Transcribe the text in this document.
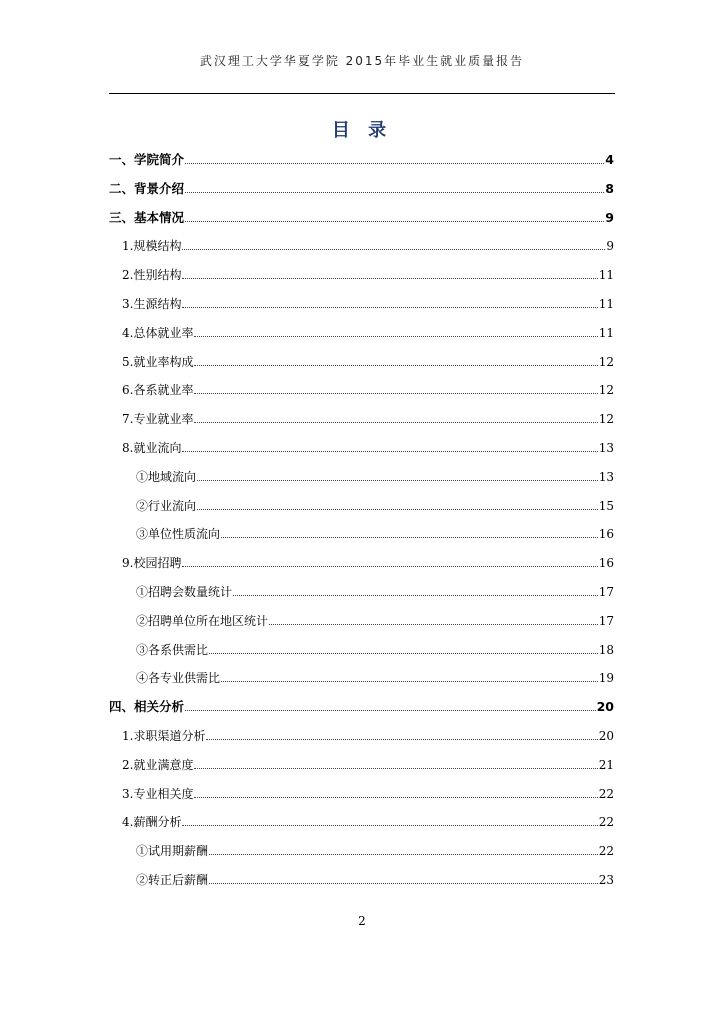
武汉理工大学华夏学院 2015年毕业生就业质量报告
目 录
一、学院简介	4
二、背景介绍	8
三、基本情况	9
1.规模结构	9
2.性别结构	11
3.生源结构	11
4.总体就业率	11
5.就业率构成	12
6.各系就业率	12
7.专业就业率	12
8.就业流向	13
①地域流向	13
②行业流向	15
③单位性质流向	16
9.校园招聘	16
①招聘会数量统计	17
②招聘单位所在地区统计	17
③各系供需比	18
④各专业供需比	19
四、相关分析	20
1.求职渠道分析	20
2.就业满意度	21
3.专业相关度	22
4.薪酬分析	22
①试用期薪酬	22
②转正后薪酬	23
2
